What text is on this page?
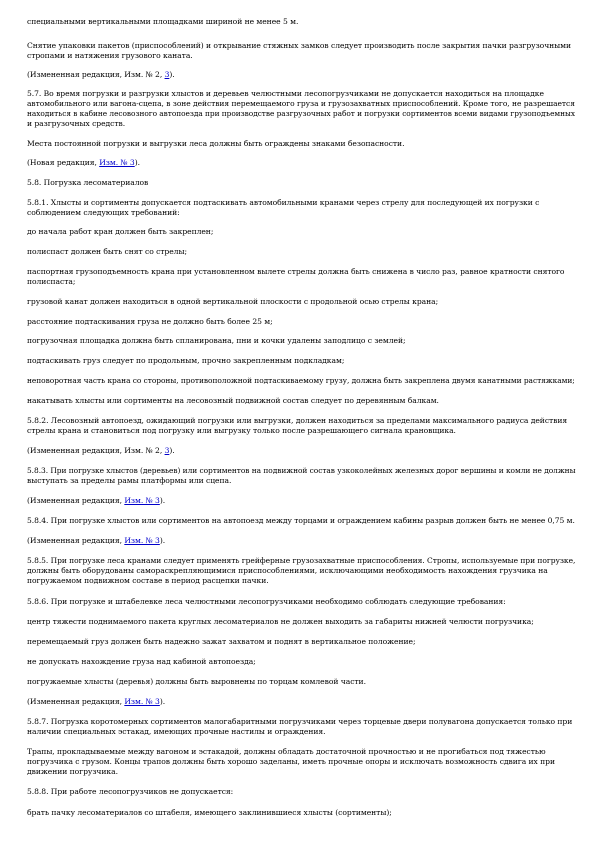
специальными вертикальными площадками шириной не менее 5 м.
Снятие упаковки пакетов (приспособлений) и открывание стяжных замков следует производить после закрытия пачки разгрузочными
стропами и натяжения грузового каната.
(Измененная редакция, Изм. № 2, 3).
5.7. Во время погрузки и разгрузки хлыстов и деревьев челюстными лесопогрузчиками не допускается находиться на площадке
автомобильного или вагона-сцепа, в зоне действия перемещаемого груза и грузозахватных приспособлений. Кроме того, не разрешается
находиться в кабине лесовозного автопоезда при производстве разгрузочных работ и погрузки сортиментов всеми видами грузоподъемных
и разгрузочных средств.
Места постоянной погрузки и выгрузки леса должны быть ограждены знаками безопасности.
(Новая редакция, Изм. № 3).
5.8. Погрузка лесоматериалов
5.8.1. Хлысты и сортименты допускается подтаскивать автомобильными кранами через стрелу для последующей их погрузки с
соблюдением следующих требований:
до начала работ кран должен быть закреплен;
полиспаст должен быть снят со стрелы;
паспортная грузоподъемность крана при установленном вылете стрелы должна быть снижена в число раз, равное кратности снятого
полиспаста;
грузовой канат должен находиться в одной вертикальной плоскости с продольной осью стрелы крана;
расстояние подтаскивания груза не должно быть более 25 м;
погрузочная площадка должна быть спланирована, пни и кочки удалены заподлицо с землей;
подтаскивать груз следует по продольным, прочно закрепленным подкладкам;
неповоротная часть крана со стороны, противоположной подтаскиваемому грузу, должна быть закреплена двумя канатными растяжками;
накатывать хлысты или сортименты на лесовозный подвижной состав следует по деревянным балкам.
5.8.2. Лесовозный автопоезд, ожидающий погрузки или выгрузки, должен находиться за пределами максимального радиуса действия
стрелы крана и становиться под погрузку или выгрузку только после разрешающего сигнала крановщика.
(Измененная редакция, Изм. № 2, 3).
5.8.3. При погрузке хлыстов (деревьев) или сортиментов на подвижной состав узкоколейных железных дорог вершины и комли не должны
выступать за пределы рамы платформы или сцепа.
(Измененная редакция, Изм. № 3).
5.8.4. При погрузке хлыстов или сортиментов на автопоезд между торцами и ограждением кабины разрыв должен быть не менее 0,75 м.
(Измененная редакция, Изм. № 3).
5.8.5. При погрузке леса кранами следует применять грейферные грузозахватные приспособления. Стропы, используемые при погрузке,
должны быть оборудованы самораскрепляющимися приспособлениями, исключающими необходимость нахождения грузчика на
погружаемом подвижном составе в период расцепки пачки.
5.8.6. При погрузке и штабелевке леса челюстными лесопогрузчиками необходимо соблюдать следующие требования:
центр тяжести поднимаемого пакета круглых лесоматериалов не должен выходить за габариты нижней челюсти погрузчика;
перемещаемый груз должен быть надежно зажат захватом и поднят в вертикальное положение;
не допускать нахождение груза над кабиной автопоезда;
погружаемые хлысты (деревья) должны быть выровнены по торцам комлевой части.
(Измененная редакция, Изм. № 3).
5.8.7. Погрузка коротомерных сортиментов малогабаритными погрузчиками через торцевые двери полувагона допускается только при
наличии специальных эстакад, имеющих прочные настилы и ограждения.
Трапы, прокладываемые между вагоном и эстакадой, должны обладать достаточной прочностью и не прогибаться под тяжестью
погрузчика с грузом. Концы трапов должны быть хорошо заделаны, иметь прочные опоры и исключать возможность сдвига их при
движении погрузчика.
5.8.8. При работе лесопогрузчиков не допускается:
брать пачку лесоматериалов со штабеля, имеющего заклинившиеся хлысты (сортименты);
